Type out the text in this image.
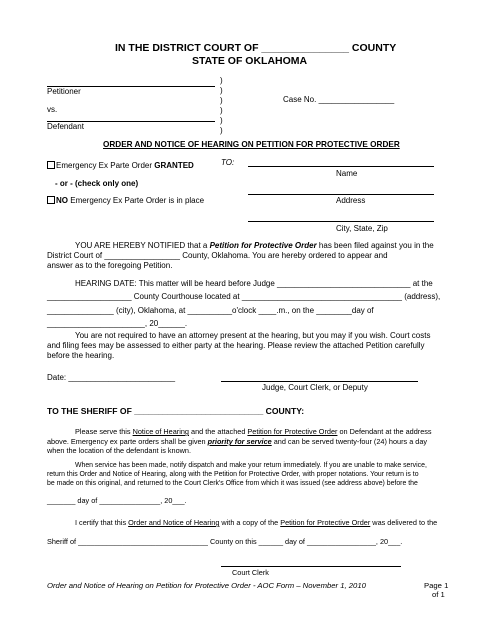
IN THE DISTRICT COURT OF _______________ COUNTY
STATE OF OKLAHOMA
Petitioner
vs.
Defendant
)
)
)
)
)
)
Case No. _________________
ORDER AND NOTICE OF HEARING ON PETITION FOR PROTECTIVE ORDER
Emergency Ex Parte Order GRANTED
- or - (check only one)
NO Emergency Ex Parte Order is in place
TO:
Name
Address
City, State, Zip
YOU ARE HEREBY NOTIFIED that a Petition for Protective Order has been filed against you in the
District Court of _________________ County, Oklahoma. You are hereby ordered to appear and
answer as to the foregoing Petition.
HEARING DATE: This matter will be heard before Judge ______________________________ at the
___________________ County Courthouse located at ____________________________________ (address),
_______________ (city), Oklahoma, at __________o'clock ____.m., on the ________day of
______________________, 20______.
You are not required to have an attorney present at the hearing, but you may if you wish. Court costs
and filing fees may be assessed to either party at the hearing. Please review the attached Petition carefully
before the hearing.
Date: ________________________
Judge, Court Clerk, or Deputy
TO THE SHERIFF OF ___________________________ COUNTY:
Please serve this Notice of Hearing and the attached Petition for Protective Order on Defendant at the address
above. Emergency ex parte orders shall be given priority for service and can be served twenty-four (24) hours a day
when the location of the defendant is known.
When service has been made, notify dispatch and make your return immediately. If you are unable to make service,
return this Order and Notice of Hearing, along with the Petition for Protective Order, with proper notations. Your return is to
be made on this original, and returned to the Court Clerk's Office from which it was issued (see address above) before the
_______ day of _______________, 20___.
I certify that this Order and Notice of Hearing with a copy of the Petition for Protective Order was delivered to the
Sheriff of ________________________________ County on this ______ day of _________________, 20___.
Court Clerk
Order and Notice of Hearing on Petition for Protective Order - AOC Form – November 1, 2010	Page 1
of 1
